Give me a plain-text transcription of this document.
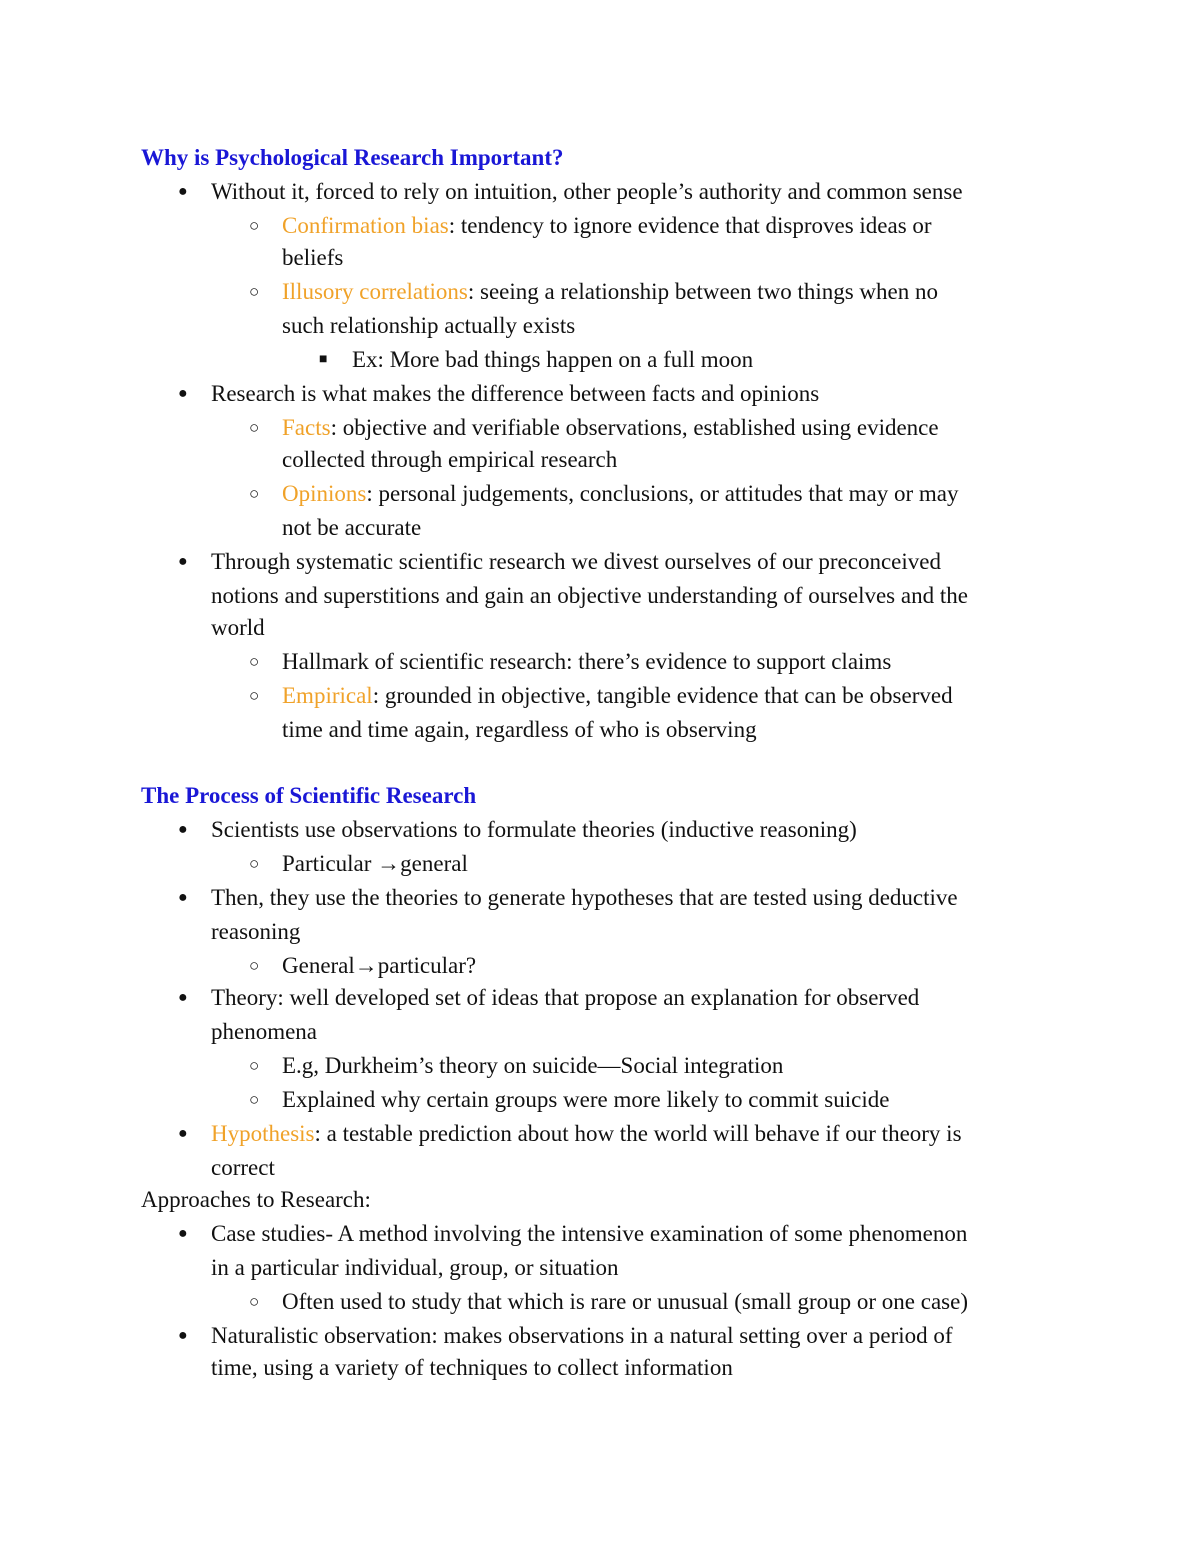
Why is Psychological Research Important?
●
Without it, forced to rely on intuition, other people’s authority and common sense
○
Confirmation bias: tendency to ignore evidence that disproves ideas or
beliefs
○
Illusory correlations: seeing a relationship between two things when no
such relationship actually exists
■
Ex: More bad things happen on a full moon
●
Research is what makes the difference between facts and opinions
○
Facts: objective and verifiable observations, established using evidence
collected through empirical research
○
Opinions: personal judgements, conclusions, or attitudes that may or may
not be accurate
●
Through systematic scientific research we divest ourselves of our preconceived
notions and superstitions and gain an objective understanding of ourselves and the
world
○
Hallmark of scientific research: there’s evidence to support claims
○
Empirical: grounded in objective, tangible evidence that can be observed
time and time again, regardless of who is observing
The Process of Scientific Research
●
Scientists use observations to formulate theories (inductive reasoning)
○
Particular →general
●
Then, they use the theories to generate hypotheses that are tested using deductive
reasoning
○
General→particular?
●
Theory: well developed set of ideas that propose an explanation for observed
phenomena
○
E.g, Durkheim’s theory on suicide—Social integration
○
Explained why certain groups were more likely to commit suicide
●
Hypothesis: a testable prediction about how the world will behave if our theory is
correct
Approaches to Research:
●
Case studies- A method involving the intensive examination of some phenomenon
in a particular individual, group, or situation
○
Often used to study that which is rare or unusual (small group or one case)
●
Naturalistic observation: makes observations in a natural setting over a period of
time, using a variety of techniques to collect information
